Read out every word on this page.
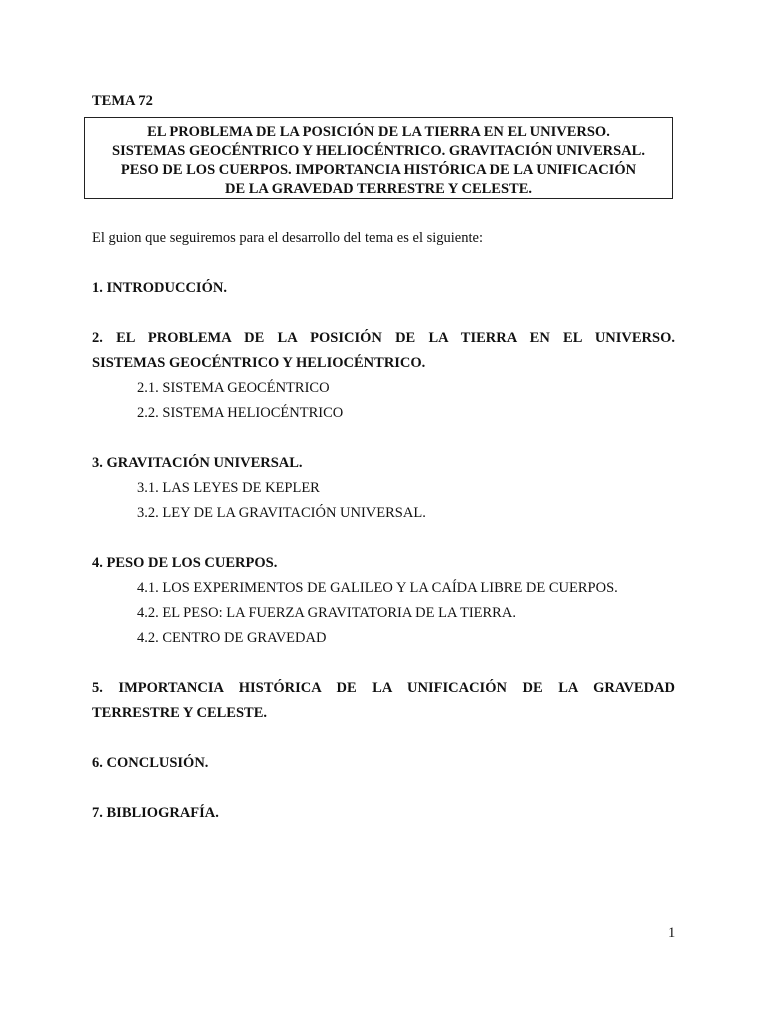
TEMA 72
EL PROBLEMA DE LA POSICIÓN DE LA TIERRA EN EL UNIVERSO.
SISTEMAS GEOCÉNTRICO Y HELIOCÉNTRICO. GRAVITACIÓN UNIVERSAL.
PESO DE LOS CUERPOS. IMPORTANCIA HISTÓRICA DE LA UNIFICACIÓN
DE LA GRAVEDAD TERRESTRE Y CELESTE.
El guion que seguiremos para el desarrollo del tema es el siguiente:
1. INTRODUCCIÓN.
2. EL PROBLEMA DE LA POSICIÓN DE LA TIERRA EN EL UNIVERSO.
SISTEMAS GEOCÉNTRICO Y HELIOCÉNTRICO.
2.1. SISTEMA GEOCÉNTRICO
2.2. SISTEMA HELIOCÉNTRICO
3. GRAVITACIÓN UNIVERSAL.
3.1. LAS LEYES DE KEPLER
3.2. LEY DE LA GRAVITACIÓN UNIVERSAL.
4. PESO DE LOS CUERPOS.
4.1. LOS EXPERIMENTOS DE GALILEO Y LA CAÍDA LIBRE DE CUERPOS.
4.2. EL PESO: LA FUERZA GRAVITATORIA DE LA TIERRA.
4.2. CENTRO DE GRAVEDAD
5. IMPORTANCIA HISTÓRICA DE LA UNIFICACIÓN DE LA GRAVEDAD
TERRESTRE Y CELESTE.
6. CONCLUSIÓN.
7. BIBLIOGRAFÍA.
1
